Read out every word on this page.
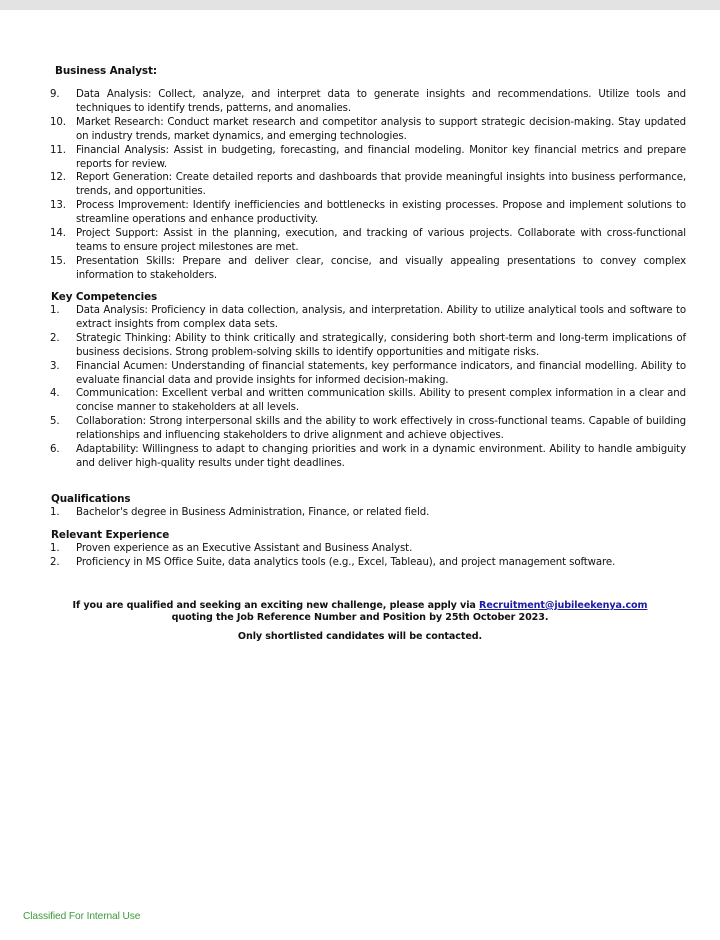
Business Analyst:
9.	Data Analysis: Collect, analyze, and interpret data to generate insights and recommendations. Utilize tools and techniques to identify trends, patterns, and anomalies.
10. Market Research: Conduct market research and competitor analysis to support strategic decision-making. Stay updated on industry trends, market dynamics, and emerging technologies.
11. Financial Analysis: Assist in budgeting, forecasting, and financial modeling. Monitor key financial metrics and prepare reports for review.
12. Report Generation: Create detailed reports and dashboards that provide meaningful insights into business performance, trends, and opportunities.
13. Process Improvement: Identify inefficiencies and bottlenecks in existing processes. Propose and implement solutions to streamline operations and enhance productivity.
14. Project Support: Assist in the planning, execution, and tracking of various projects. Collaborate with cross-functional teams to ensure project milestones are met.
15. Presentation Skills: Prepare and deliver clear, concise, and visually appealing presentations to convey complex information to stakeholders.
Key Competencies
1.	Data Analysis: Proficiency in data collection, analysis, and interpretation. Ability to utilize analytical tools and software to extract insights from complex data sets.
2.	Strategic Thinking: Ability to think critically and strategically, considering both short-term and long-term implications of business decisions. Strong problem-solving skills to identify opportunities and mitigate risks.
3.	Financial Acumen: Understanding of financial statements, key performance indicators, and financial modelling. Ability to evaluate financial data and provide insights for informed decision-making.
4.	Communication: Excellent verbal and written communication skills. Ability to present complex information in a clear and concise manner to stakeholders at all levels.
5.	Collaboration: Strong interpersonal skills and the ability to work effectively in cross-functional teams. Capable of building relationships and influencing stakeholders to drive alignment and achieve objectives.
6.	Adaptability: Willingness to adapt to changing priorities and work in a dynamic environment. Ability to handle ambiguity and deliver high-quality results under tight deadlines.
Qualifications
1.	Bachelor's degree in Business Administration, Finance, or related field.
Relevant Experience
1.	Proven experience as an Executive Assistant and Business Analyst.
2.	Proficiency in MS Office Suite, data analytics tools (e.g., Excel, Tableau), and project management software.
If you are qualified and seeking an exciting new challenge, please apply via Recruitment@jubileekenya.com
quoting the Job Reference Number and Position by 25th October 2023.
Only shortlisted candidates will be contacted.
Classified For Internal Use
